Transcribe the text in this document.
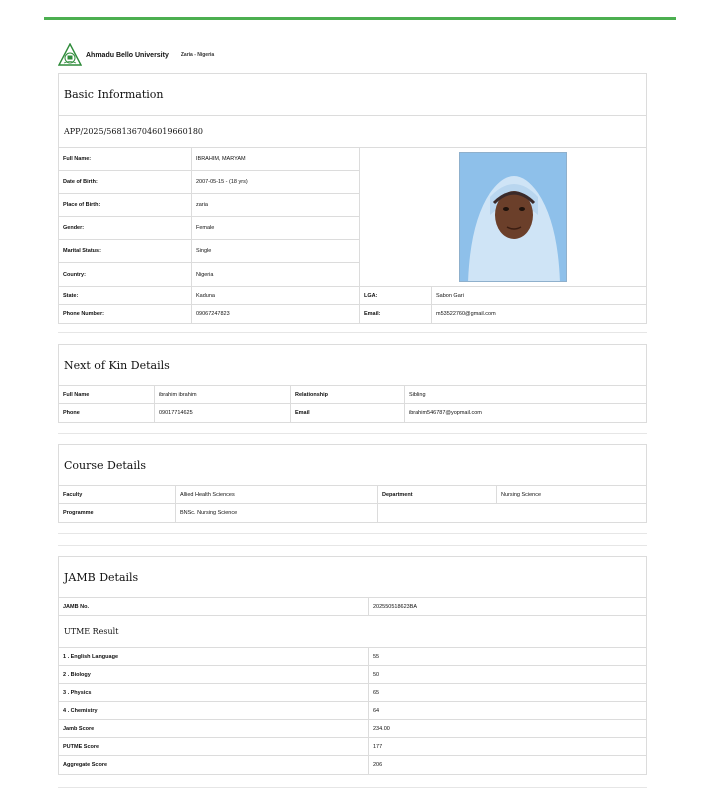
Ahmadu Bello University Zaria - Nigeria
Basic Information
APP/2025/568136704601966018​0
Full Name:	IBRAHIM, MARYAM
Date of Birth:	2007-05-15 - (18 yrs)
Place of Birth:	zaria
Gender:	Female
Marital Status:	Single
Country:	Nigeria
State:	Kaduna	LGA:	Sabon Gari
Phone Number:	09067247823	Email:	m53522760@gmail.com
Next of Kin Details
Full Name	ibrahim ibrahim	Relationship	Sibling
Phone	09017714625	Email	ibrahim546787@yopmail.com
Course Details
Faculty	Allied Health Sciences	Department	Nursing Science
Programme	BNSc. Nursing Science
JAMB Details
JAMB No.	202550518623BA
UTME Result
1 . English Language	55
2 . Biology	50
3 . Physics	65
4 . Chemistry	64
Jamb Score	234.00
PUTME Score	177
Aggregate Score	206
